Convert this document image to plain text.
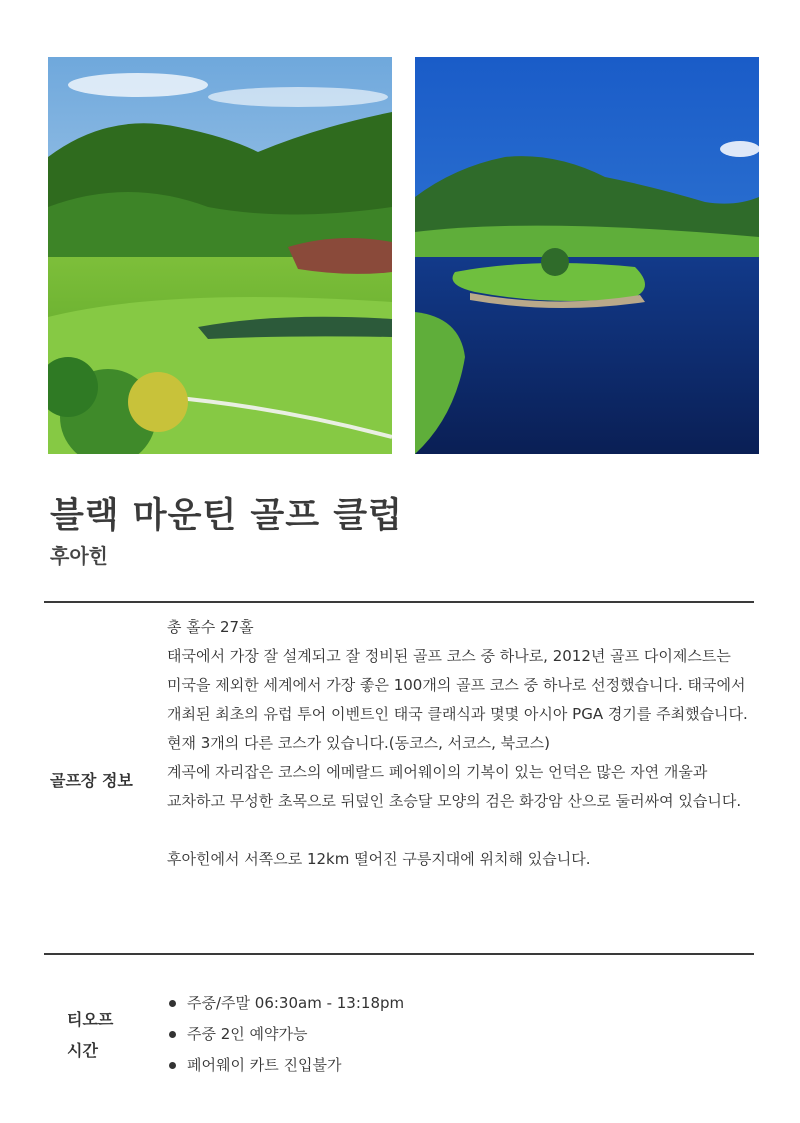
블랙 마운틴 골프 클럽
후아힌
골프장 정보

총 홀수 27홀

태국에서 가장 잘 설계되고 잘 정비된 골프 코스 중 하나로, 2012년 골프 다이제스트는 미국을 제외한 세계에서 가장 좋은 100개의 골프 코스 중 하나로 선정했습니다. 태국에서 개최된 최초의 유럽 투어 이벤트인 태국 클래식과 몇몇 아시아 PGA 경기를 주최했습니다.

현재 3개의 다른 코스가 있습니다.(동코스, 서코스, 북코스)

계곡에 자리잡은 코스의 에메랄드 페어웨이의 기복이 있는 언덕은 많은 자연 개울과 교차하고 무성한 초목으로 뒤덮인 초승달 모양의 검은 화강암 산으로 둘러싸여 있습니다.

후아힌에서 서쪽으로 12km 떨어진 구릉지대에 위치해 있습니다.

티오프
시간
주중/주말 06:30am - 13:18pm
주중 2인 예약가능
페어웨이 카트 진입불가
